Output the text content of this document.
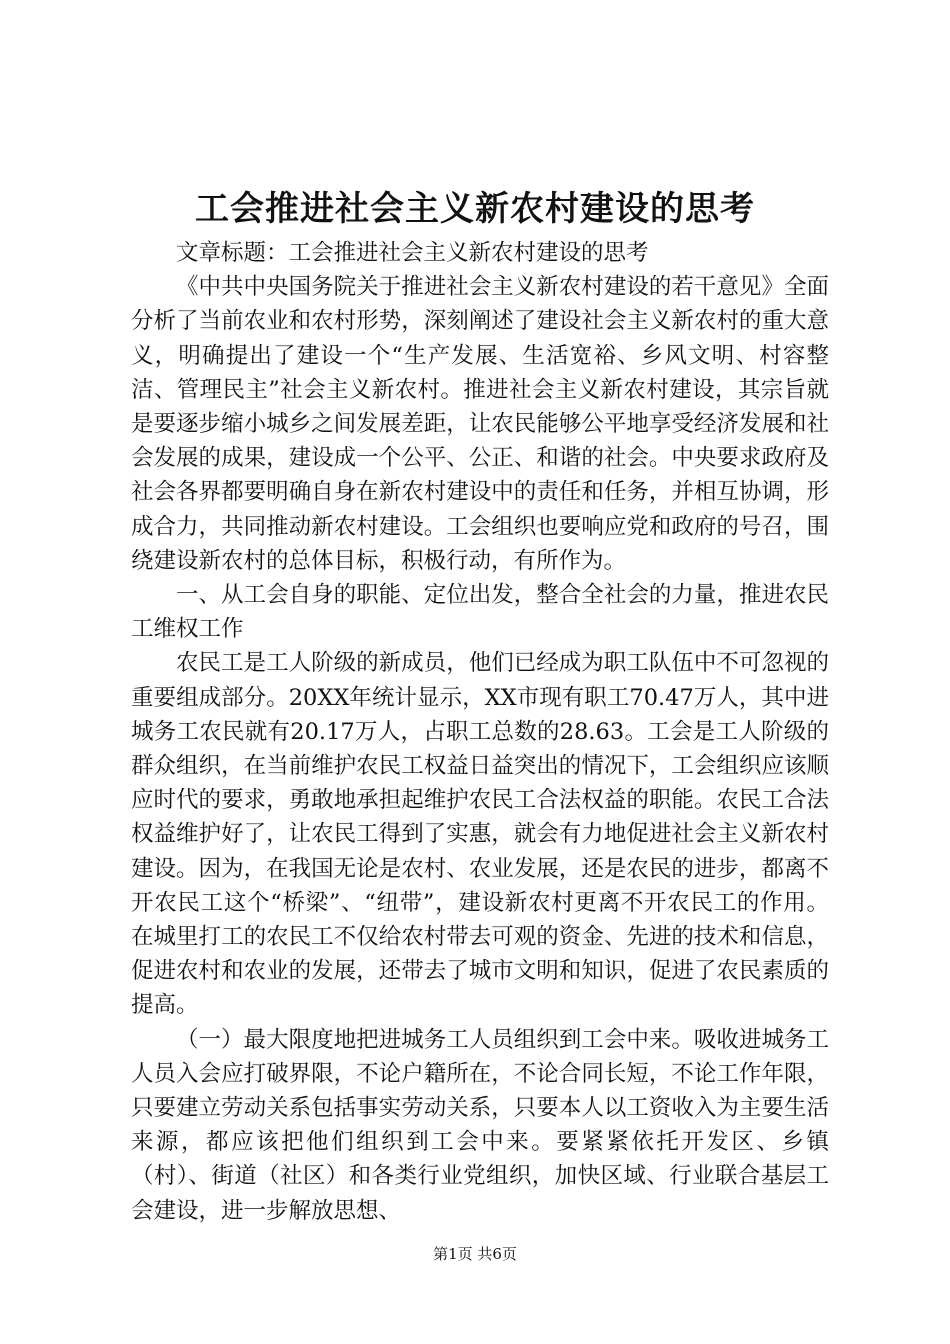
工会推进社会主义新农村建设的思考

文章标题：工会推进社会主义新农村建设的思考

《中共中央国务院关于推进社会主义新农村建设的若干意见》全面分析了当前农业和农村形势，深刻阐述了建设社会主义新农村的重大意义，明确提出了建设一个“生产发展、生活宽裕、乡风文明、村容整洁、管理民主”社会主义新农村。推进社会主义新农村建设，其宗旨就是要逐步缩小城乡之间发展差距，让农民能够公平地享受经济发展和社会发展的成果，建设成一个公平、公正、和谐的社会。中央要求政府及社会各界都要明确自身在新农村建设中的责任和任务，并相互协调，形成合力，共同推动新农村建设。工会组织也要响应党和政府的号召，围绕建设新农村的总体目标，积极行动，有所作为。

一、从工会自身的职能、定位出发，整合全社会的力量，推进农民工维权工作

农民工是工人阶级的新成员，他们已经成为职工队伍中不可忽视的重要组成部分。20XX年统计显示，XX市现有职工70.47万人，其中进城务工农民就有20.17万人，占职工总数的28.63。工会是工人阶级的群众组织，在当前维护农民工权益日益突出的情况下，工会组织应该顺应时代的要求，勇敢地承担起维护农民工合法权益的职能。农民工合法权益维护好了，让农民工得到了实惠，就会有力地促进社会主义新农村建设。因为，在我国无论是农村、农业发展，还是农民的进步，都离不开农民工这个“桥梁”、“纽带”，建设新农村更离不开农民工的作用。在城里打工的农民工不仅给农村带去可观的资金、先进的技术和信息，促进农村和农业的发展，还带去了城市文明和知识，促进了农民素质的提高。

（一）最大限度地把进城务工人员组织到工会中来。吸收进城务工人员入会应打破界限，不论户籍所在，不论合同长短，不论工作年限，只要建立劳动关系包括事实劳动关系，只要本人以工资收入为主要生活来源，都应该把他们组织到工会中来。要紧紧依托开发区、乡镇（村）、街道（社区）和各类行业党组织，加快区域、行业联合基层工会建设，进一步解放思想、

第1页 共6页
